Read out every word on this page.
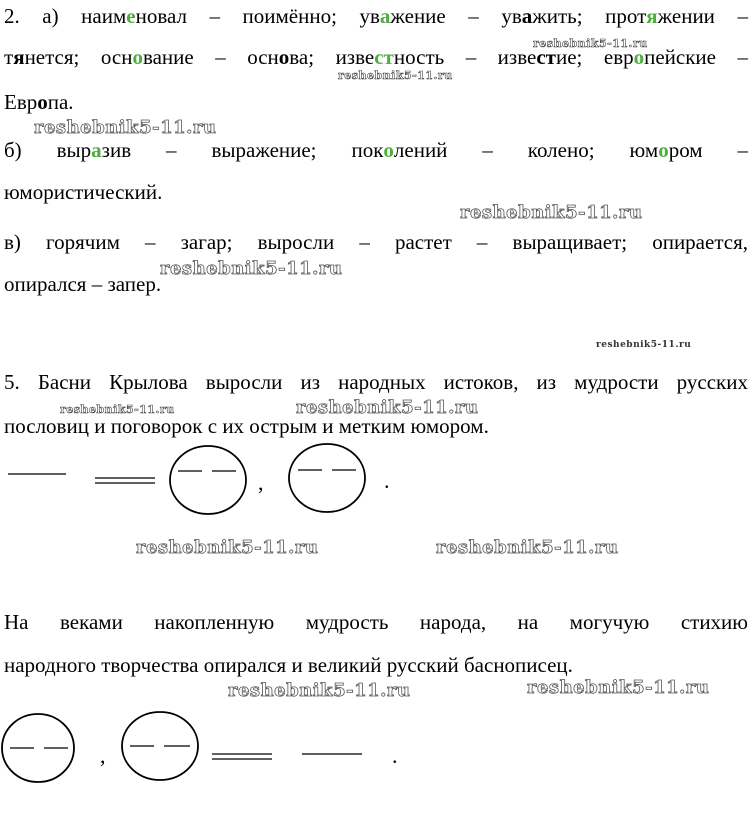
2. а) наименовал – поимённо; уважение – уважить; протяжении –

тянется; основание – основа; известность – известие; европейские –

Европа.

б) выразив – выражение; поколений – колено; юмором –

юмористический.

в) горячим – загар; выросли – растет – выращивает; опирается,

опирался – запер.

5. Басни Крылова выросли из народных истоков, из мудрости русских

пословиц и поговорок с их острым и метким юмором.

,	.

На веками накопленную мудрость народа, на могучую стихию

народного творчества опирался и великий русский баснописец.

,	.
reshebnik5-11.ru
reshebnik5-11.ru
reshebnik5-11.ru
reshebnik5-11.ru
reshebnik5-11.ru
reshebnik5-11.ru
reshebnik5-11.ru	reshebnik5-11.ru
reshebnik5-11.ru	reshebnik5-11.ru
reshebnik5-11.ru	reshebnik5-11.ru
